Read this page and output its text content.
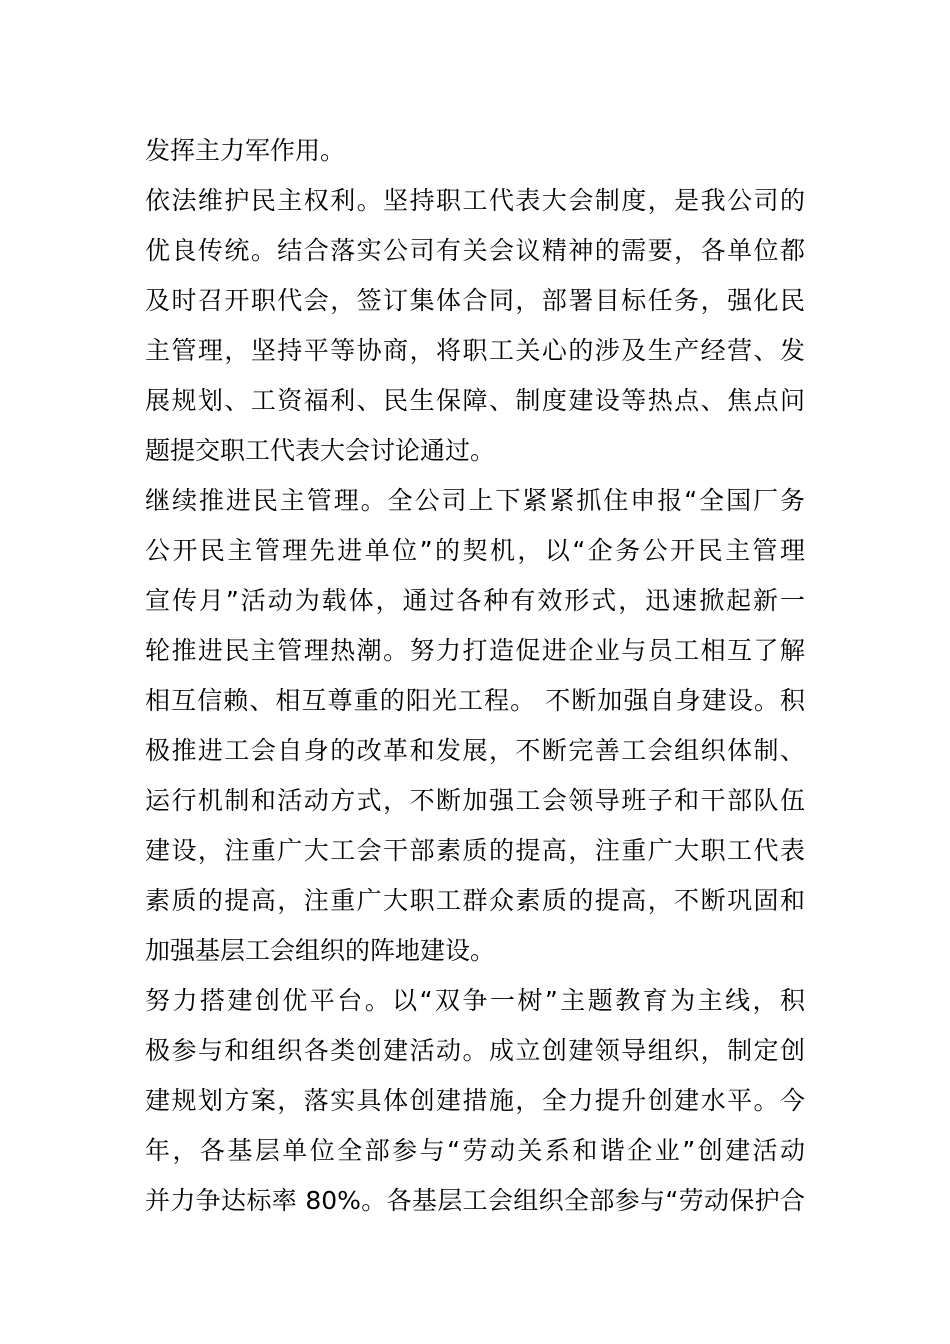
发挥主力军作用。
依法维护民主权利。坚持职工代表大会制度，是我公司的
优良传统。结合落实公司有关会议精神的需要，各单位都
及时召开职代会，签订集体合同，部署目标任务，强化民
主管理，坚持平等协商，将职工关心的涉及生产经营、发
展规划、工资福利、民生保障、制度建设等热点、焦点问
题提交职工代表大会讨论通过。
继续推进民主管理。全公司上下紧紧抓住申报“全国厂务
公开民主管理先进单位”的契机，以“企务公开民主管理
宣传月”活动为载体，通过各种有效形式，迅速掀起新一
轮推进民主管理热潮。努力打造促进企业与员工相互了解
相互信赖、相互尊重的阳光工程。 不断加强自身建设。积
极推进工会自身的改革和发展，不断完善工会组织体制、
运行机制和活动方式，不断加强工会领导班子和干部队伍
建设，注重广大工会干部素质的提高，注重广大职工代表
素质的提高，注重广大职工群众素质的提高，不断巩固和
加强基层工会组织的阵地建设。
努力搭建创优平台。以“双争一树”主题教育为主线，积
极参与和组织各类创建活动。成立创建领导组织，制定创
建规划方案，落实具体创建措施，全力提升创建水平。今
年，各基层单位全部参与“劳动关系和谐企业”创建活动
并力争达标率 80%。各基层工会组织全部参与“劳动保护合
